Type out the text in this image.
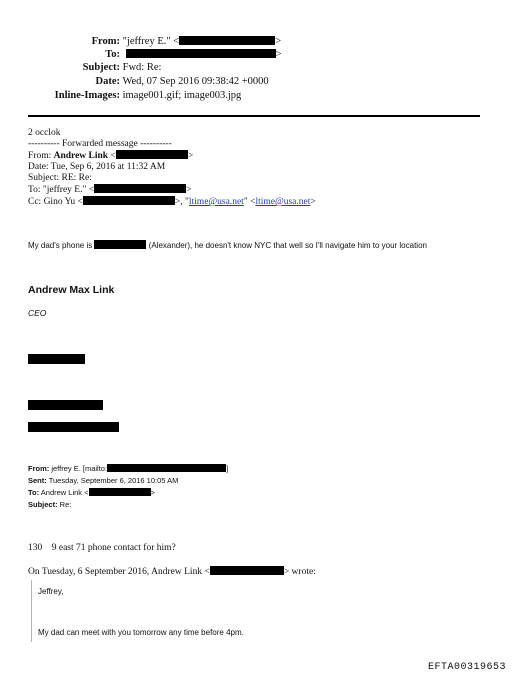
From: "jeffrey E." <	>
To:	>
Subject: Fwd: Re:
Date: Wed, 07 Sep 2016 09:38:42 +0000
Inline-Images: image001.gif; image003.jpg
2 occlok
---------- Forwarded message ----------
From: Andrew Link <	>
Date: Tue, Sep 6, 2016 at 11:32 AM
Subject: RE: Re:
To: "jeffrey E." <	>
Cc: Gino Yu <	>, "ltime@usa.net" <ltime@usa.net>
My dad's phone is	(Alexander), he doesn't know NYC that well so I'll navigate him to your location
Andrew Max Link
CEO
From: jeffrey E. [mailto:	]
Sent: Tuesday, September 6, 2016 10:05 AM
To: Andrew Link <	>
Subject: Re:
130    9 east 71 phone contact for him?
On Tuesday, 6 September 2016, Andrew Link <	> wrote:
Jeffrey,
My dad can meet with you tomorrow any time before 4pm.
EFTA00319653
